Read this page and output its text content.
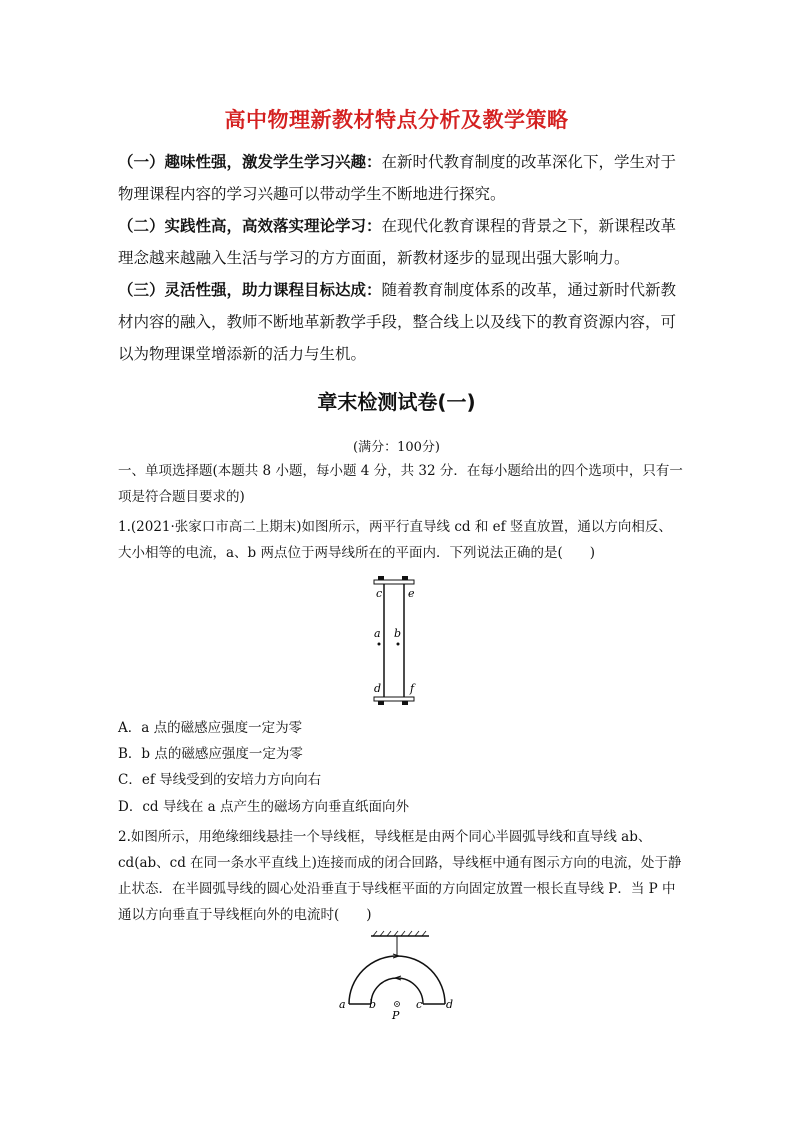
高中物理新教材特点分析及教学策略
（一）趣味性强，激发学生学习兴趣：在新时代教育制度的改革深化下，学生对于物理课程内容的学习兴趣可以带动学生不断地进行探究。
（二）实践性高，高效落实理论学习：在现代化教育课程的背景之下，新课程改革理念越来越融入生活与学习的方方面面，新教材逐步的显现出强大影响力。
（三）灵活性强，助力课程目标达成：随着教育制度体系的改革，通过新时代新教材内容的融入，教师不断地革新教学手段，整合线上以及线下的教育资源内容，可以为物理课堂增添新的活力与生机。
章末检测试卷(一)
(满分：100分)
一、单项选择题(本题共 8 小题，每小题 4 分，共 32 分．在每小题给出的四个选项中，只有一项是符合题目要求的)
1.(2021·张家口市高二上期末)如图所示，两平行直导线 cd 和 ef 竖直放置，通以方向相反、大小相等的电流，a、b 两点位于两导线所在的平面内．下列说法正确的是(　　)
c e
a b
d	f
A．a 点的磁感应强度一定为零
B．b 点的磁感应强度一定为零
C．ef 导线受到的安培力方向向右
D．cd 导线在 a 点产生的磁场方向垂直纸面向外
2.如图所示，用绝缘细线悬挂一个导线框，导线框是由两个同心半圆弧导线和直导线 ab、cd(ab、cd 在同一条水平直线上)连接而成的闭合回路，导线框中通有图示方向的电流，处于静止状态．在半圆弧导线的圆心处沿垂直于导线框平面的方向固定放置一根长直导线 P．当 P 中通以方向垂直于导线框向外的电流时(　　)
a b	c d
P
